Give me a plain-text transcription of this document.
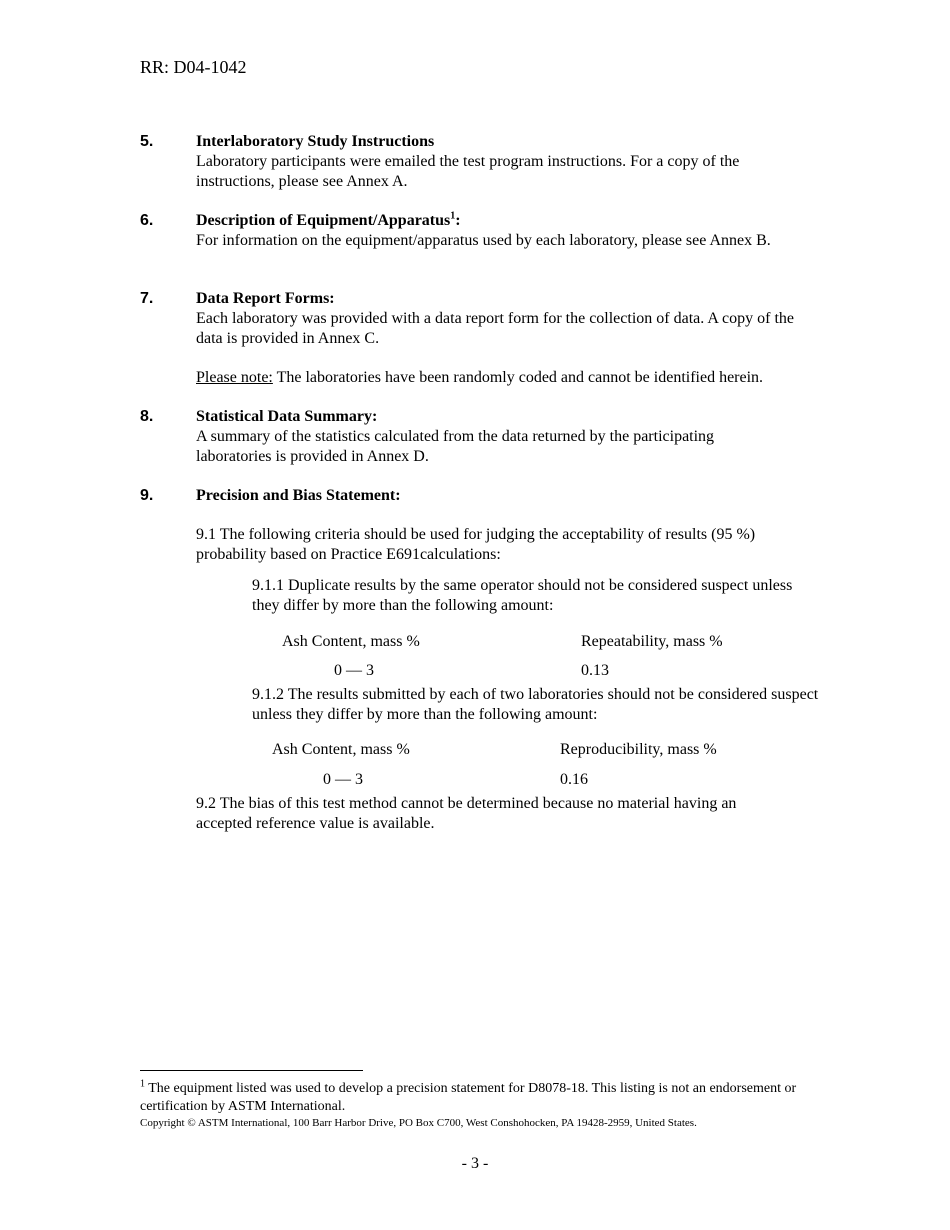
RR: D04-1042
5.	Interlaboratory Study Instructions
Laboratory participants were emailed the test program instructions. For a copy of the instructions, please see Annex A.
6.	Description of Equipment/Apparatus$^1$:
For information on the equipment/apparatus used by each laboratory, please see Annex B.
7.	Data Report Forms:
Each laboratory was provided with a data report form for the collection of data. A copy of the data is provided in Annex C.
Please note: The laboratories have been randomly coded and cannot be identified herein.
8.	Statistical Data Summary:
A summary of the statistics calculated from the data returned by the participating laboratories is provided in Annex D.
9.	Precision and Bias Statement:
9.1 The following criteria should be used for judging the acceptability of results (95 %) probability based on Practice E691calculations:
9.1.1 Duplicate results by the same operator should not be considered suspect unless they differ by more than the following amount:
Ash Content, mass %	Repeatability, mass %
0 — 3	0.13
9.1.2 The results submitted by each of two laboratories should not be considered suspect unless they differ by more than the following amount:
Ash Content, mass %	Reproducibility, mass %
0 — 3	0.16
9.2 The bias of this test method cannot be determined because no material having an accepted reference value is available.
$^1$ The equipment listed was used to develop a precision statement for D8078-18. This listing is not an endorsement or certification by ASTM International.
Copyright © ASTM International, 100 Barr Harbor Drive, PO Box C700, West Conshohocken, PA 19428-2959, United States.
- 3 -
